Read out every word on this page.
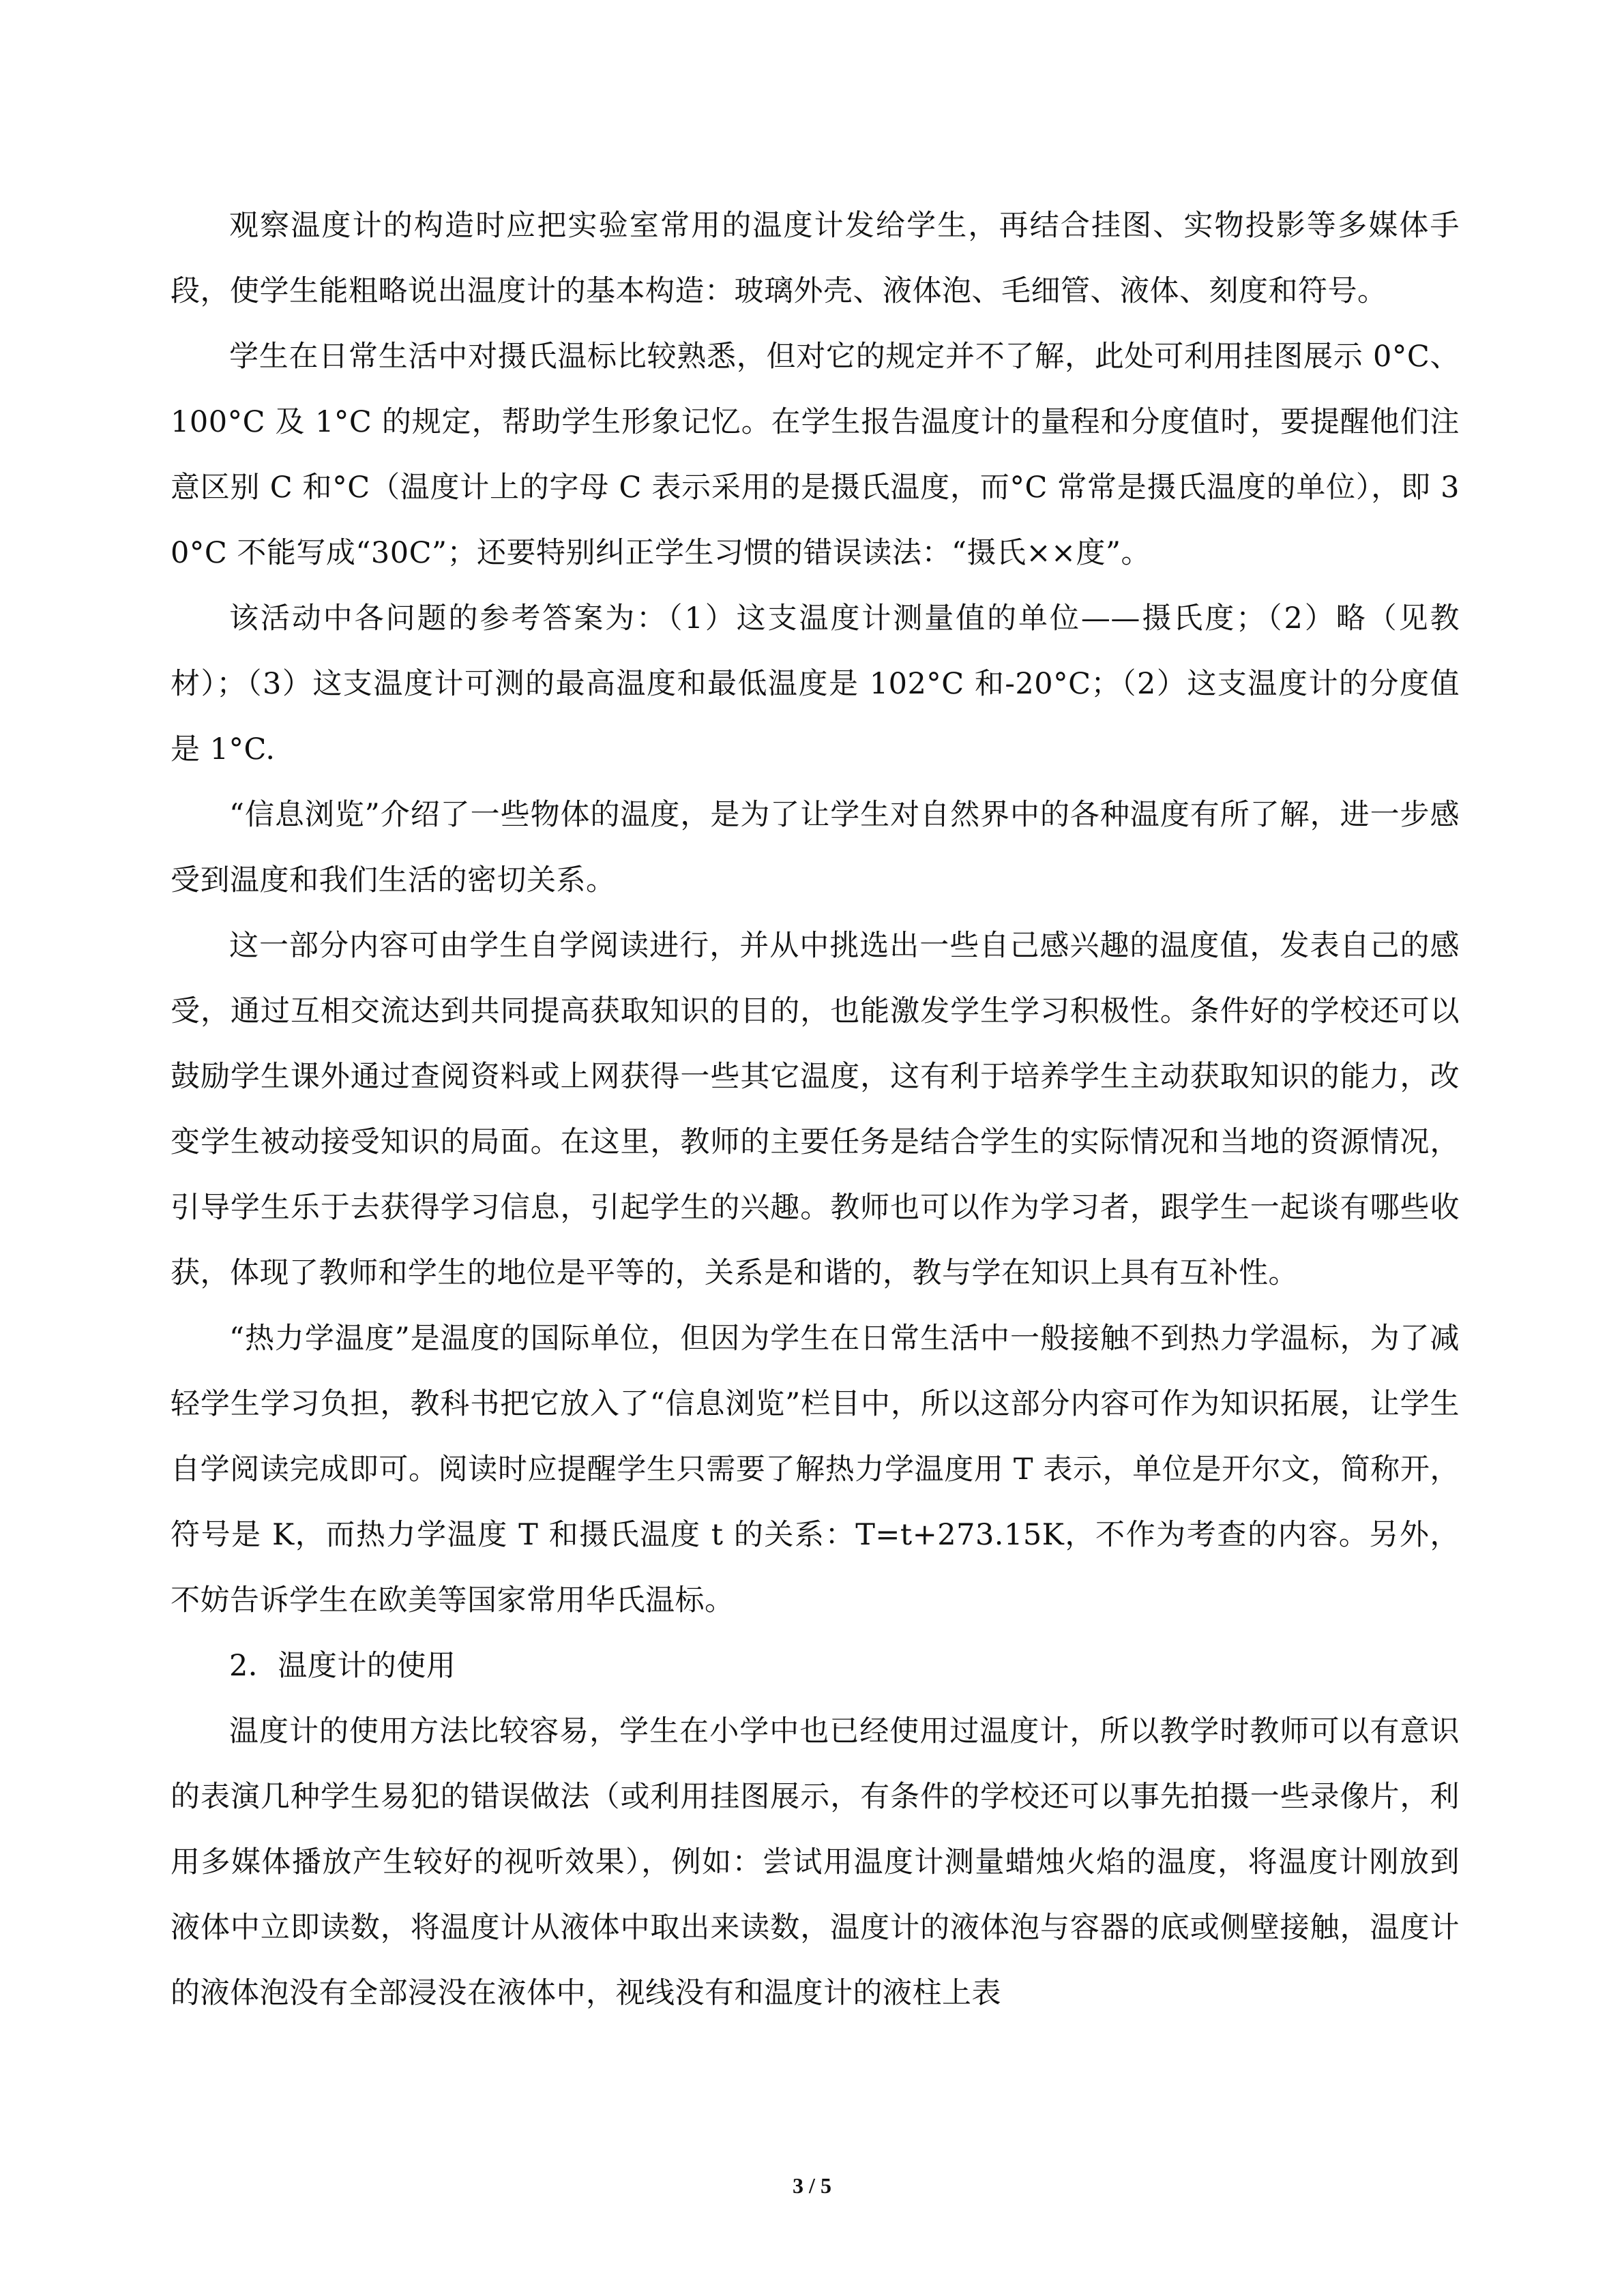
观察温度计的构造时应把实验室常用的温度计发给学生，再结合挂图、实物投影等多媒体手段，使学生能粗略说出温度计的基本构造：玻璃外壳、液体泡、毛细管、液体、刻度和符号。

学生在日常生活中对摄氏温标比较熟悉，但对它的规定并不了解，此处可利用挂图展示 0°C、100°C 及 1°C 的规定，帮助学生形象记忆。在学生报告温度计的量程和分度值时，要提醒他们注意区别 C 和°C（温度计上的字母 C 表示采用的是摄氏温度，而°C 常常是摄氏温度的单位），即 30°C 不能写成“30C”；还要特别纠正学生习惯的错误读法：“摄氏××度”。

该活动中各问题的参考答案为：（1）这支温度计测量值的单位——摄氏度；（2）略（见教材）；（3）这支温度计可测的最高温度和最低温度是 102°C 和-20°C；（2）这支温度计的分度值是 1°C.

“信息浏览”介绍了一些物体的温度，是为了让学生对自然界中的各种温度有所了解，进一步感受到温度和我们生活的密切关系。

这一部分内容可由学生自学阅读进行，并从中挑选出一些自己感兴趣的温度值，发表自己的感受，通过互相交流达到共同提高获取知识的目的，也能激发学生学习积极性。条件好的学校还可以鼓励学生课外通过查阅资料或上网获得一些其它温度，这有利于培养学生主动获取知识的能力，改变学生被动接受知识的局面。在这里，教师的主要任务是结合学生的实际情况和当地的资源情况，引导学生乐于去获得学习信息，引起学生的兴趣。教师也可以作为学习者，跟学生一起谈有哪些收获，体现了教师和学生的地位是平等的，关系是和谐的，教与学在知识上具有互补性。

“热力学温度”是温度的国际单位，但因为学生在日常生活中一般接触不到热力学温标，为了减轻学生学习负担，教科书把它放入了“信息浏览”栏目中，所以这部分内容可作为知识拓展，让学生自学阅读完成即可。阅读时应提醒学生只需要了解热力学温度用 T 表示，单位是开尔文，简称开，符号是 K，而热力学温度 T 和摄氏温度 t 的关系：T=t+273.15K，不作为考查的内容。另外，不妨告诉学生在欧美等国家常用华氏温标。

2．温度计的使用

温度计的使用方法比较容易，学生在小学中也已经使用过温度计，所以教学时教师可以有意识的表演几种学生易犯的错误做法（或利用挂图展示，有条件的学校还可以事先拍摄一些录像片，利用多媒体播放产生较好的视听效果），例如：尝试用温度计测量蜡烛火焰的温度，将温度计刚放到液体中立即读数，将温度计从液体中取出来读数，温度计的液体泡与容器的底或侧壁接触，温度计的液体泡没有全部浸没在液体中，视线没有和温度计的液柱上表

3 / 5
